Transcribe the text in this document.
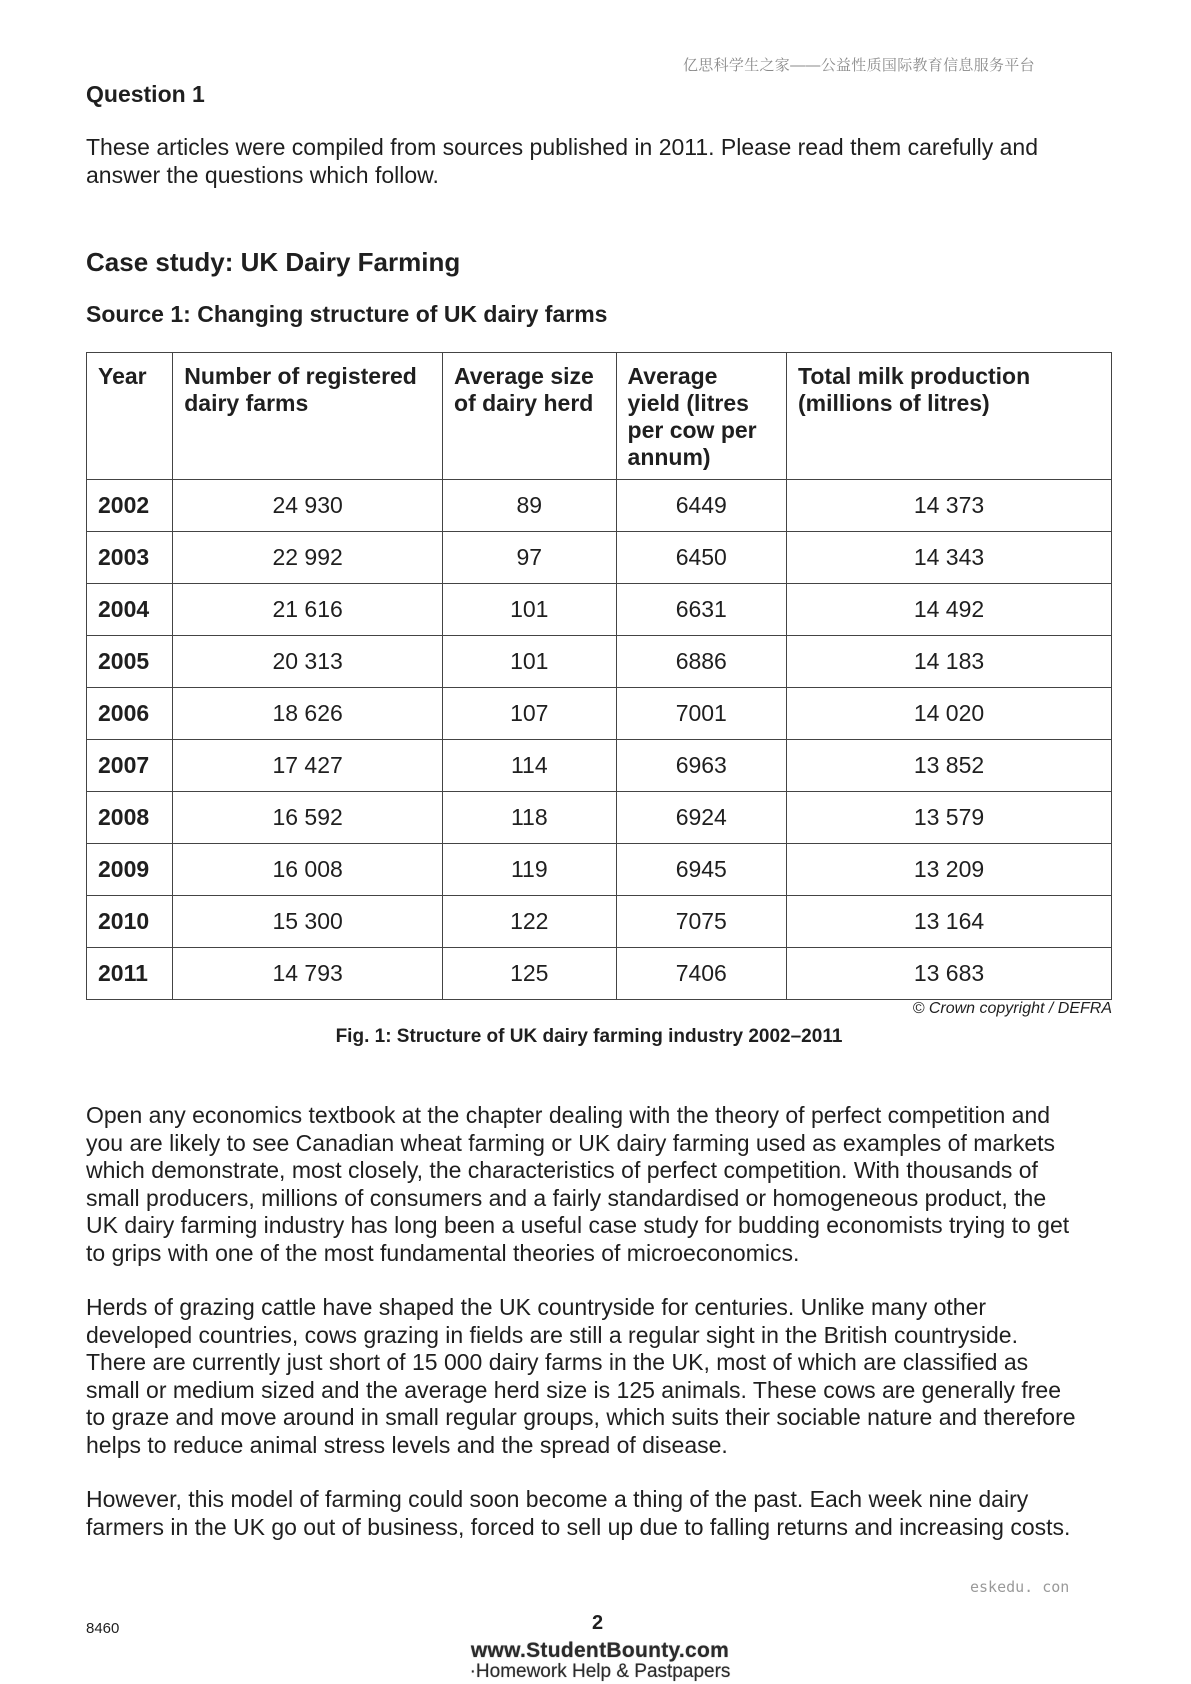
亿思科学生之家——公益性质国际教育信息服务平台
Question 1

These articles were compiled from sources published in 2011. Please read them carefully and answer the questions which follow.

Case study: UK Dairy Farming
Source 1: Changing structure of UK dairy farms
Year	Number of registered dairy farms	Average size of dairy herd	Average yield (litres per cow per annum)	Total milk production (millions of litres)
2002	24 930	89	6449	14 373
2003	22 992	97	6450	14 343
2004	21 616	101	6631	14 492
2005	20 313	101	6886	14 183
2006	18 626	107	7001	14 020
2007	17 427	114	6963	13 852
2008	16 592	118	6924	13 579
2009	16 008	119	6945	13 209
2010	15 300	122	7075	13 164
2011	14 793	125	7406	13 683
© Crown copyright / DEFRA
Fig. 1: Structure of UK dairy farming industry 2002–2011

Open any economics textbook at the chapter dealing with the theory of perfect competition and
you are likely to see Canadian wheat farming or UK dairy farming used as examples of markets
which demonstrate, most closely, the characteristics of perfect competition. With thousands of
small producers, millions of consumers and a fairly standardised or homogeneous product, the
UK dairy farming industry has long been a useful case study for budding economists trying to get
to grips with one of the most fundamental theories of microeconomics.

Herds of grazing cattle have shaped the UK countryside for centuries. Unlike many other
developed countries, cows grazing in fields are still a regular sight in the British countryside.
There are currently just short of 15 000 dairy farms in the UK, most of which are classified as
small or medium sized and the average herd size is 125 animals. These cows are generally free
to graze and move around in small regular groups, which suits their sociable nature and therefore
helps to reduce animal stress levels and the spread of disease.

However, this model of farming could soon become a thing of the past. Each week nine dairy
farmers in the UK go out of business, forced to sell up due to falling returns and increasing costs.

eskedu. con
8460	2
www.StudentBounty.com
·Homework Help & Pastpapers
